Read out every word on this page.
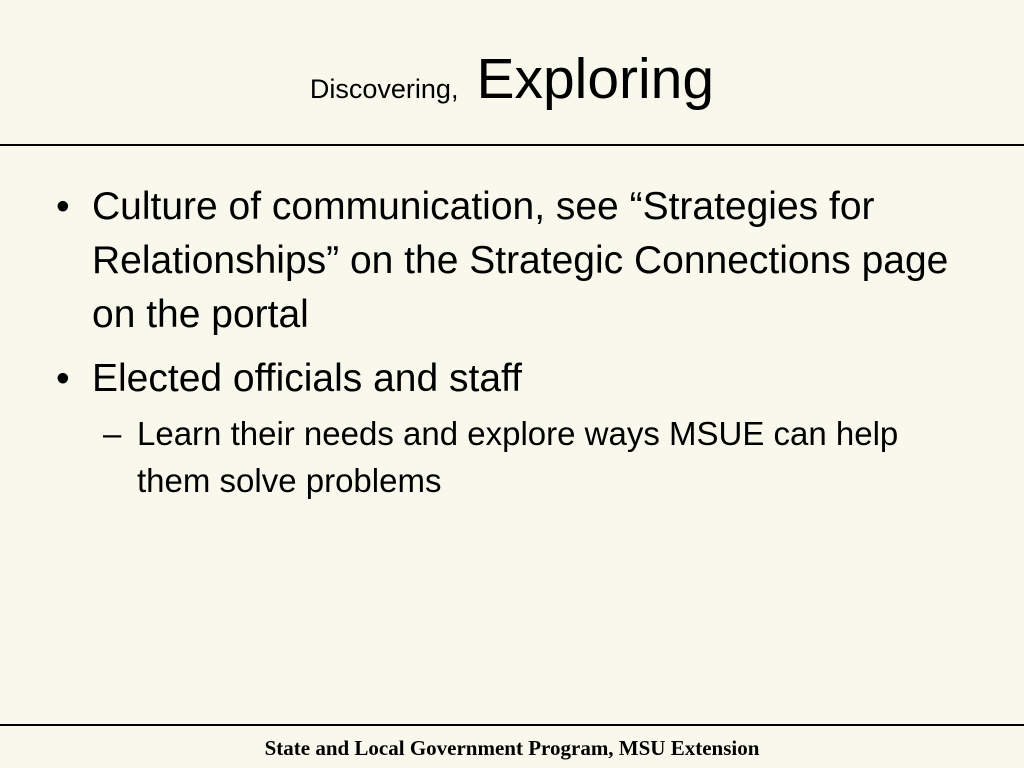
Discovering, Exploring
• Culture of communication, see “Strategies for Relationships” on the Strategic Connections page on the portal
• Elected officials and staff
– Learn their needs and explore ways MSUE can help them solve problems
State and Local Government Program, MSU Extension
